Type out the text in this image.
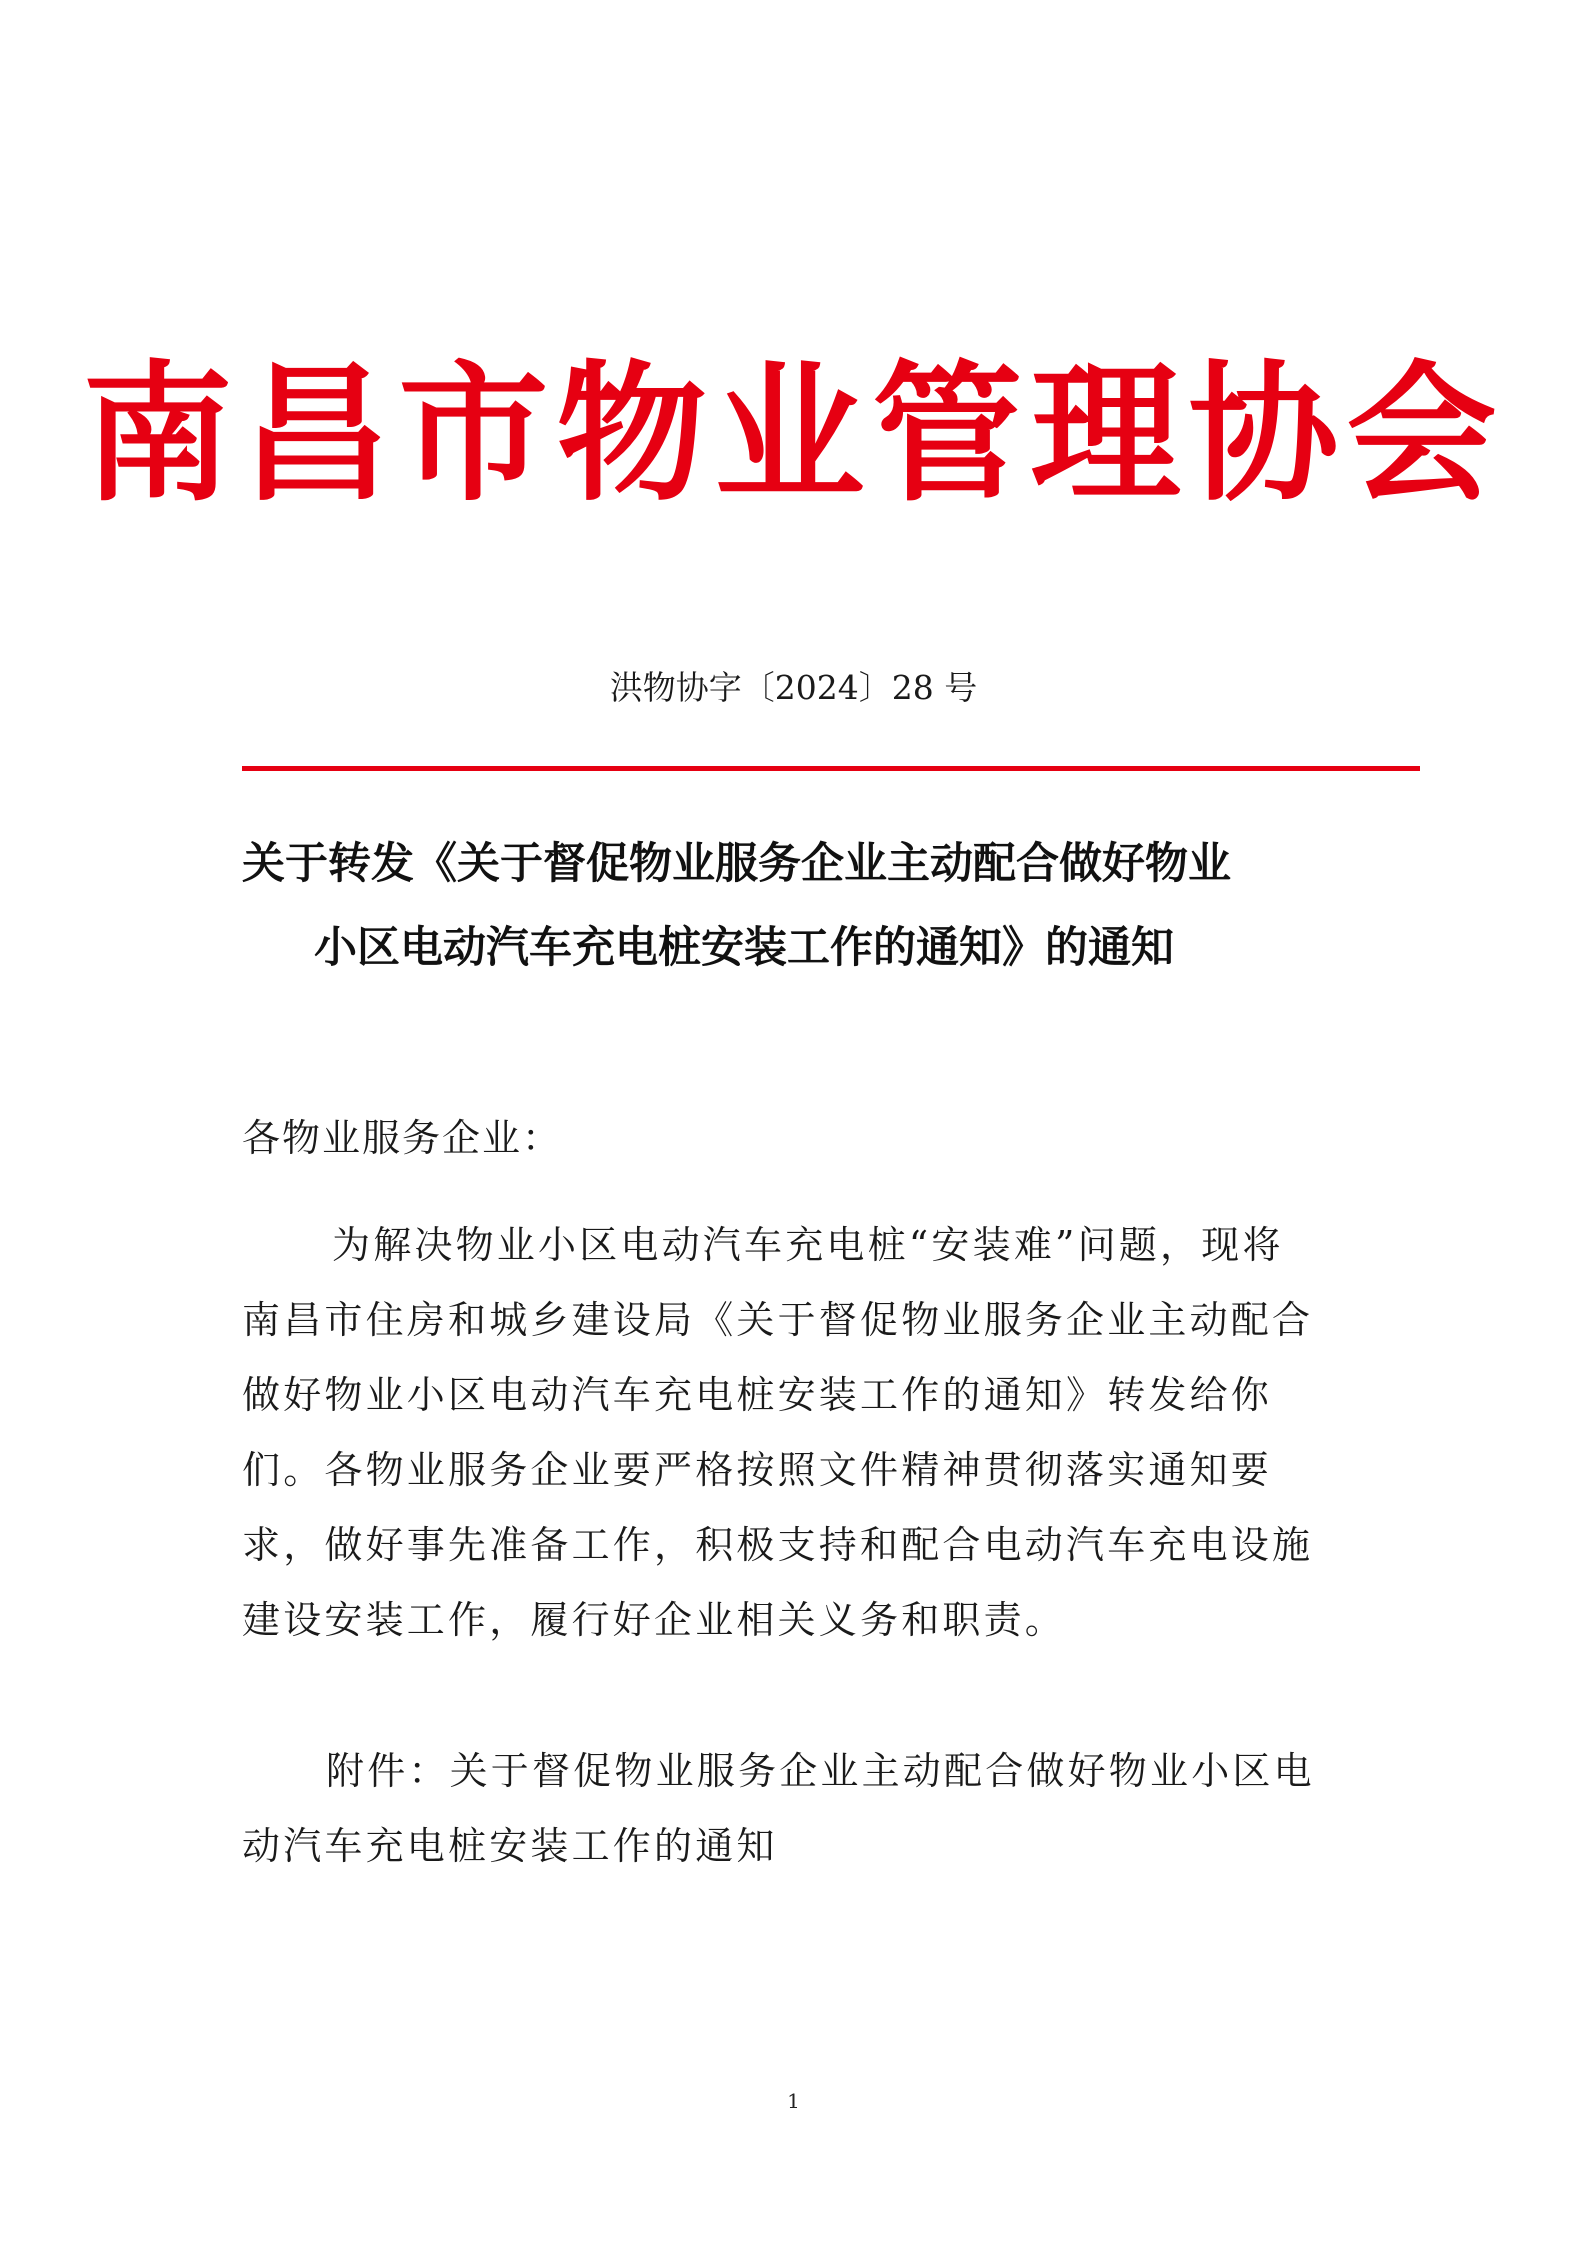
南昌市物业管理协会
洪物协字〔2024〕28 号
关于转发《关于督促物业服务企业主动配合做好物业
小区电动汽车充电桩安装工作的通知》的通知
各物业服务企业：
为解决物业小区电动汽车充电桩“安装难”问题，现将
南昌市住房和城乡建设局《关于督促物业服务企业主动配合
做好物业小区电动汽车充电桩安装工作的通知》转发给你
们。各物业服务企业要严格按照文件精神贯彻落实通知要
求，做好事先准备工作，积极支持和配合电动汽车充电设施
建设安装工作，履行好企业相关义务和职责。
附件：关于督促物业服务企业主动配合做好物业小区电
动汽车充电桩安装工作的通知
1
